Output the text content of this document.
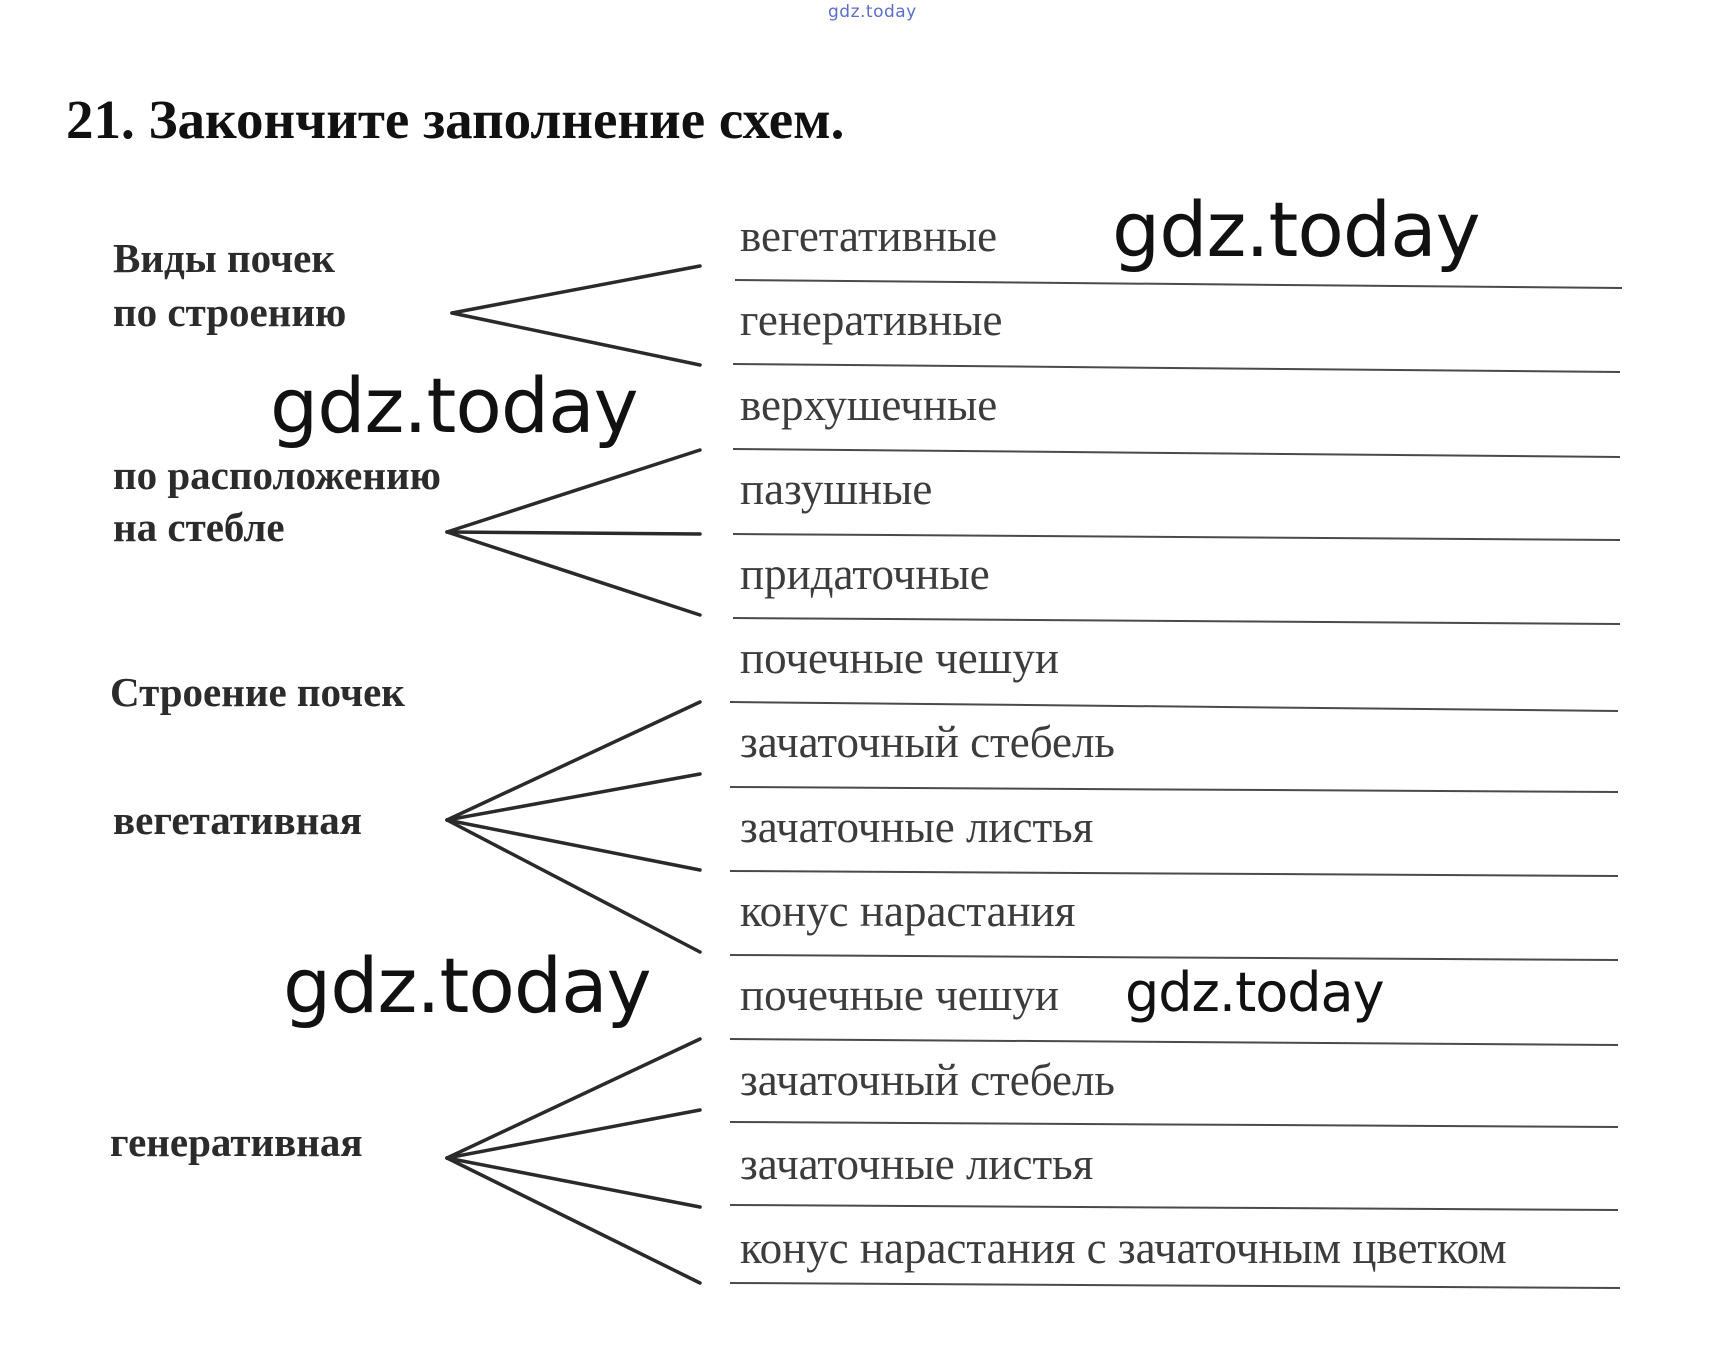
gdz.today
21. Закончите заполнение схем.
Виды почек
по строению
по расположению
на стебле
Строение почек
вегетативная
генеративная
вегетативные
генеративные
верхушечные
пазушные
придаточные
почечные чешуи
зачаточный стебель
зачаточные листья
конус нарастания
почечные чешуи
зачаточный стебель
зачаточные листья
конус нарастания с зачаточным цветком
gdz.today
gdz.today
gdz.today	gdz.today
